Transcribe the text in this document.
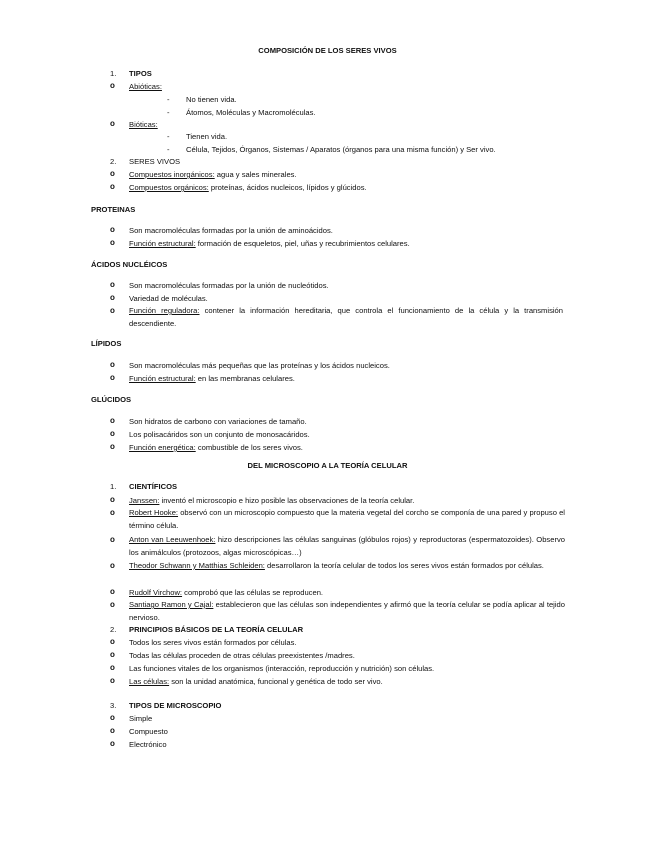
COMPOSICIÓN DE LOS SERES VIVOS
1. TIPOS
o Abióticas:
- No tienen vida.
- Átomos, Moléculas y Macromoléculas.
o Bióticas:
- Tienen vida.
- Célula, Tejidos, Órganos, Sistemas / Aparatos (órganos para una misma función) y Ser vivo.
2. SERES VIVOS
o Compuestos inorgánicos: agua y sales minerales.
o Compuestos orgánicos: proteínas, ácidos nucleicos, lípidos y glúcidos.
PROTEINAS
o Son macromoléculas formadas por la unión de aminoácidos.
o Función estructural: formación de esqueletos, piel, uñas y recubrimientos celulares.
ÁCIDOS NUCLÉICOS
o Son macromoléculas formadas por la unión de nucleótidos.
o Variedad de moléculas.
o Función reguladora: contener la información hereditaria, que controla el funcionamiento de la célula y la transmisión descendiente.
LÍPIDOS
o Son macromoléculas más pequeñas que las proteínas y los ácidos nucleicos.
o Función estructural: en las membranas celulares.
GLÚCIDOS
o Son hidratos de carbono con variaciones de tamaño.
o Los polisacáridos son un conjunto de monosacáridos.
o Función energética: combustible de los seres vivos.
DEL MICROSCOPIO A LA TEORÍA CELULAR
1. CIENTÍFICOS
o Janssen: inventó el microscopio e hizo posible las observaciones de la teoría celular.
o Robert Hooke: observó con un microscopio compuesto que la materia vegetal del corcho se componía de una pared y propuso el término célula.
o Anton van Leeuwenhoek: hizo descripciones las células sanguinas (glóbulos rojos) y reproductoras (espermatozoides). Observo los animálculos (protozoos, algas microscópicas…)
o Theodor Schwann y Matthias Schleiden: desarrollaron la teoría celular de todos los seres vivos están formados por células.
o Rudolf Virchow: comprobó que las células se reproducen.
o Santiago Ramon y Cajal: establecieron que las células son independientes y afirmó que la teoría celular se podía aplicar al tejido nervioso.
2. PRINCIPIOS BÁSICOS DE LA TEORÍA CELULAR
o Todos los seres vivos están formados por células.
o Todas las células proceden de otras células preexistentes /madres.
o Las funciones vitales de los organismos (interacción, reproducción y nutrición) son células.
o Las células: son la unidad anatómica, funcional y genética de todo ser vivo.
3. TIPOS DE MICROSCOPIO
o Simple
o Compuesto
o Electrónico
